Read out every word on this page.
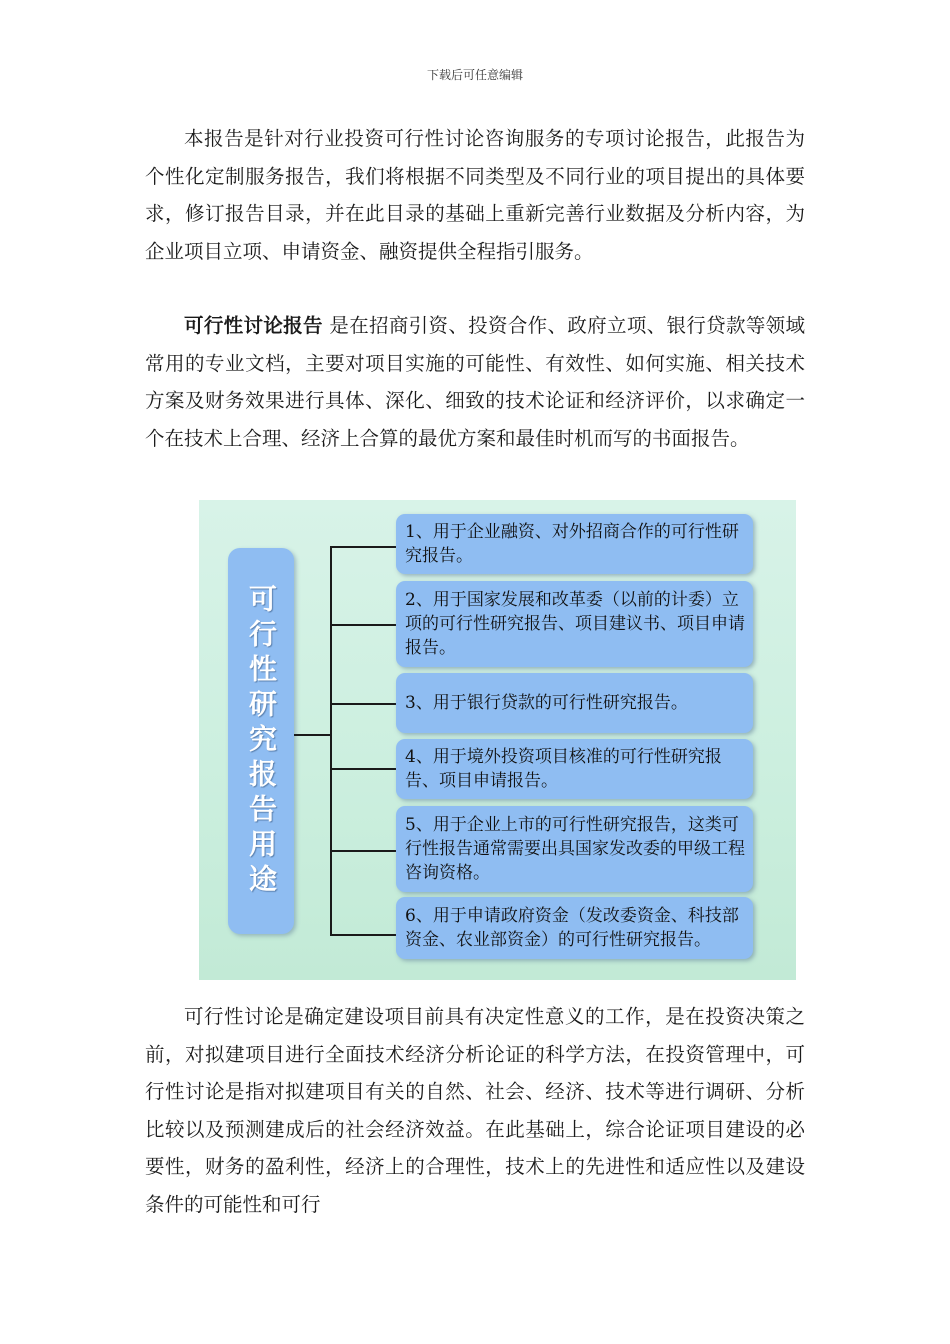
下载后可任意编辑

本报告是针对行业投资可行性讨论咨询服务的专项讨论报告，此报告为个性化定制服务报告，我们将根据不同类型及不同行业的项目提出的具体要求，修订报告目录，并在此目录的基础上重新完善行业数据及分析内容，为企业项目立项、申请资金、融资提供全程指引服务。

可行性讨论报告 是在招商引资、投资合作、政府立项、银行贷款等领域常用的专业文档，主要对项目实施的可能性、有效性、如何实施、相关技术方案及财务效果进行具体、深化、细致的技术论证和经济评价，以求确定一个在技术上合理、经济上合算的最优方案和最佳时机而写的书面报告。

可行性研究报告用途
1、用于企业融资、对外招商合作的可行性研究报告。
2、用于国家发展和改革委（以前的计委）立项的可行性研究报告、项目建议书、项目申请报告。
3、用于银行贷款的可行性研究报告。
4、用于境外投资项目核准的可行性研究报告、项目申请报告。
5、用于企业上市的可行性研究报告，这类可行性报告通常需要出具国家发改委的甲级工程咨询资格。
6、用于申请政府资金（发改委资金、科技部资金、农业部资金）的可行性研究报告。

可行性讨论是确定建设项目前具有决定性意义的工作，是在投资决策之前，对拟建项目进行全面技术经济分析论证的科学方法，在投资管理中，可行性讨论是指对拟建项目有关的自然、社会、经济、技术等进行调研、分析比较以及预测建成后的社会经济效益。在此基础上，综合论证项目建设的必要性，财务的盈利性，经济上的合理性，技术上的先进性和适应性以及建设条件的可能性和可行
